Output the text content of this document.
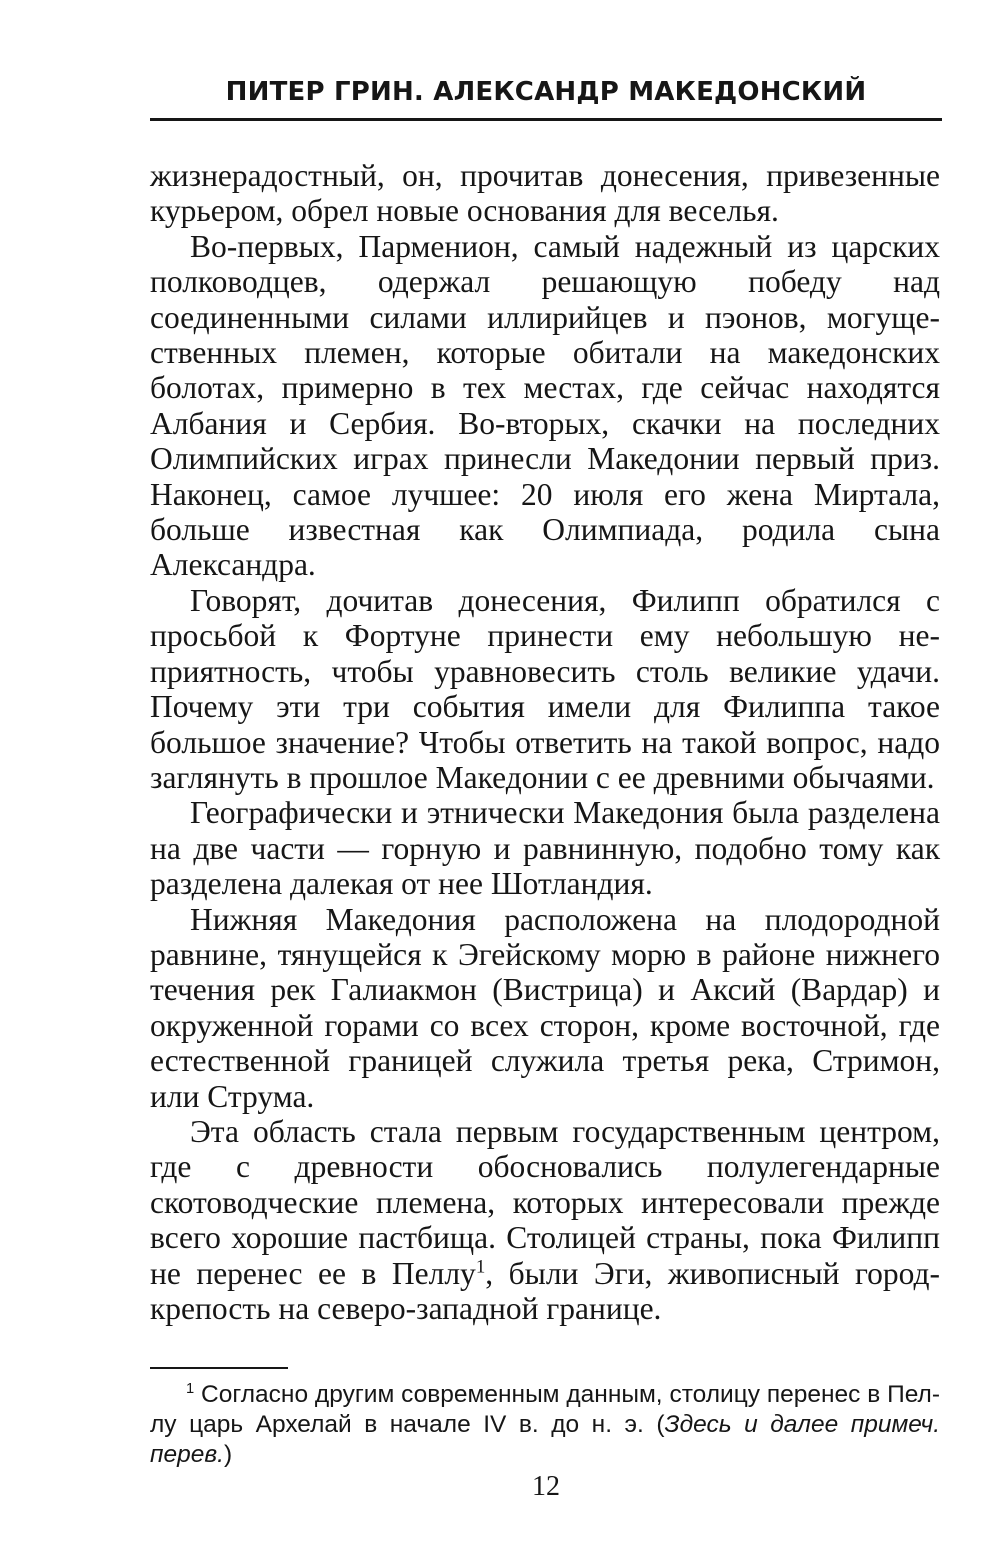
ПИТЕР ГРИН. АЛЕКСАНДР МАКЕДОНСКИЙ

жизнерадостный, он, прочитав донесения, привезенные курьером, обрел новые основания для веселья.

Во-первых, Парменион, самый надежный из царских полководцев, одержал решающую победу над соединенными силами иллирийцев и пэонов, могущественных племен, которые обитали на македонских болотах, примерно в тех местах, где сейчас находятся Албания и Сербия. Во-вторых, скачки на последних Олимпийских играх принесли Македонии первый приз. Наконец, самое лучшее: 20 июля его жена Миртала, больше известная как Олимпиада, родила сына Александра.

Говорят, дочитав донесения, Филипп обратился с просьбой к Фортуне принести ему небольшую неприятность, чтобы уравновесить столь великие удачи. Почему эти три события имели для Филиппа такое большое значение? Чтобы ответить на такой вопрос, надо заглянуть в прошлое Македонии с ее древними обычаями.

Географически и этнически Македония была разделена на две части — горную и равнинную, подобно тому как разделена далекая от нее Шотландия.

Нижняя Македония расположена на плодородной равнине, тянущейся к Эгейскому морю в районе нижнего течения рек Галиакмон (Вистрица) и Аксий (Вардар) и окруженной горами со всех сторон, кроме восточной, где естественной границей служила третья река, Стримон, или Струма.

Эта область стала первым государственным центром, где с древности обосновались полулегендарные скотоводческие племена, которых интересовали прежде всего хорошие пастбища. Столицей страны, пока Филипп не перенес ее в Пеллу$^1$, были Эги, живописный город-крепость на северо-западной границе.

$^1$ Согласно другим современным данным, столицу перенес в Пеллу царь Архелай в начале IV в. до н. э. (Здесь и далее примеч. перев.)

12
